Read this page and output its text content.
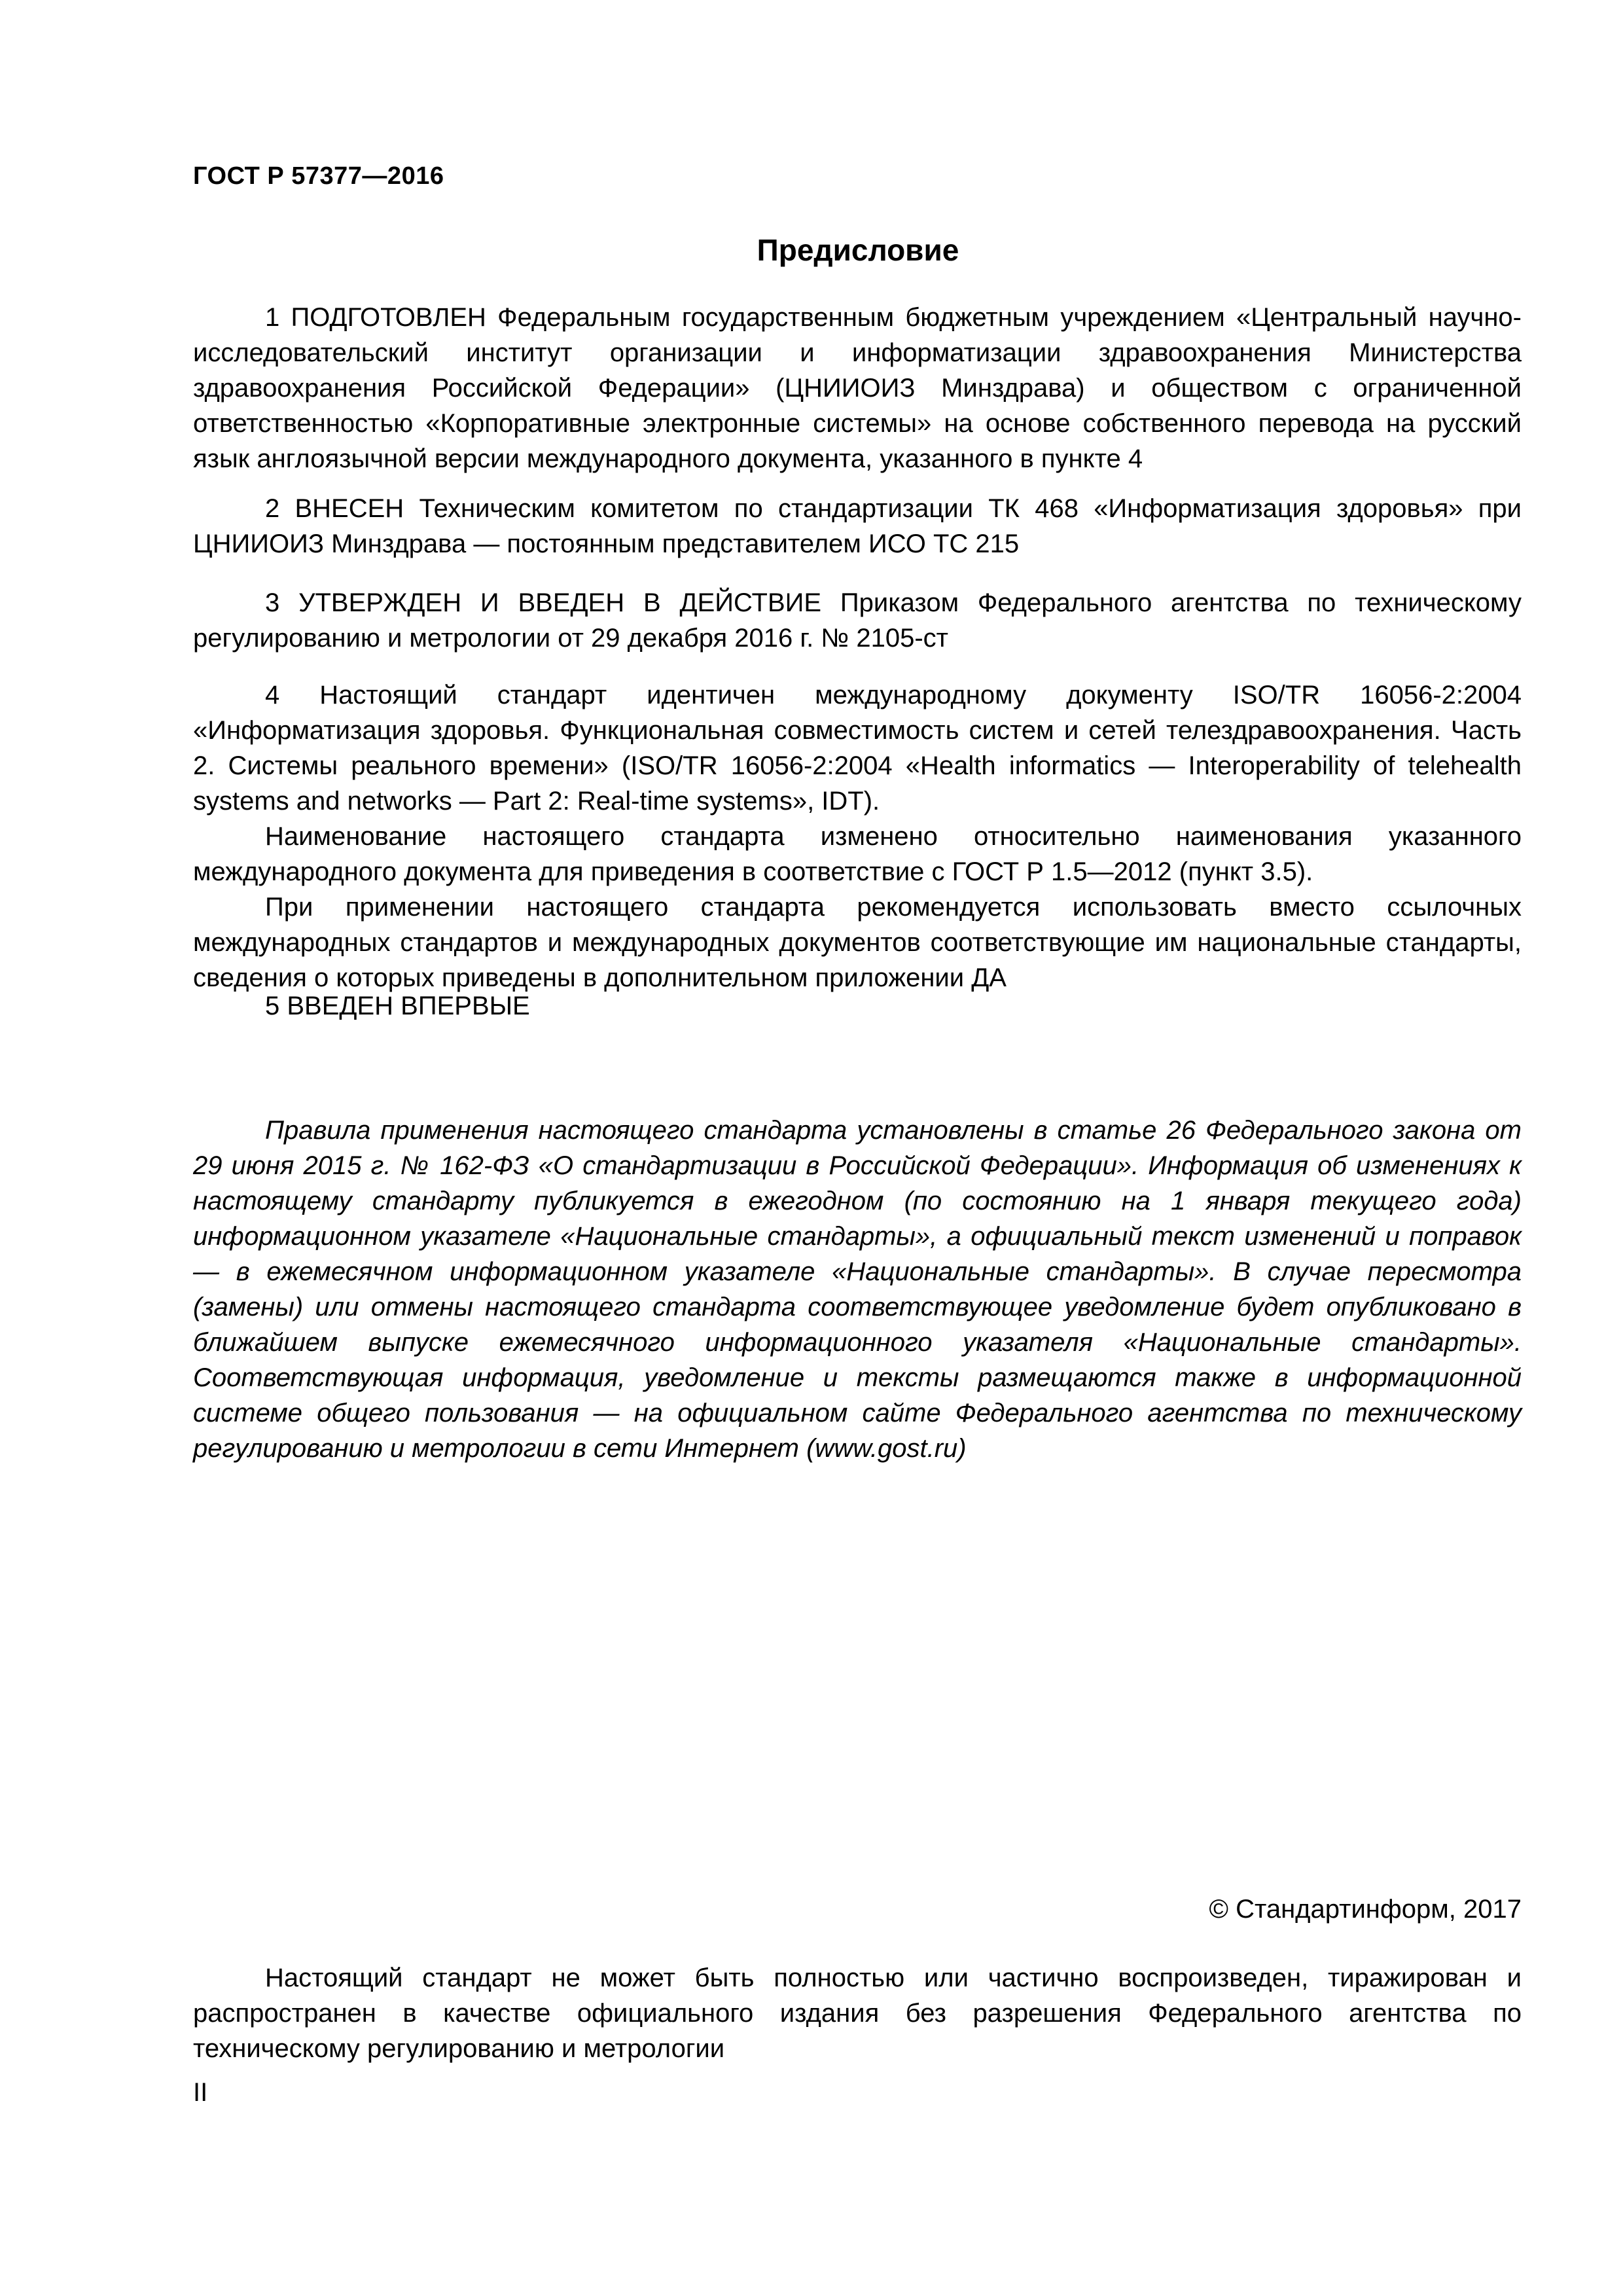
ГОСТ Р 57377—2016
Предисловие

1 ПОДГОТОВЛЕН Федеральным государственным бюджетным учреждением «Центральный научно-исследовательский институт организации и информатизации здравоохранения Министерства здравоохранения Российской Федерации» (ЦНИИОИЗ Минздрава) и обществом с ограниченной ответственностью «Корпоративные электронные системы» на основе собственного перевода на русский язык англоязычной версии международного документа, указанного в пункте 4

2 ВНЕСЕН Техническим комитетом по стандартизации ТК 468 «Информатизация здоровья» при ЦНИИОИЗ Минздрава — постоянным представителем ИСО ТС 215

3 УТВЕРЖДЕН И ВВЕДЕН В ДЕЙСТВИЕ Приказом Федерального агентства по техническому регулированию и метрологии от 29 декабря 2016 г. № 2105-ст

4 Настоящий стандарт идентичен международному документу ISO/TR 16056-2:2004 «Информатизация здоровья. Функциональная совместимость систем и сетей телездравоохранения. Часть 2. Системы реального времени» (ISO/TR 16056-2:2004 «Health informatics — Interoperability of telehealth systems and networks — Part 2: Real-time systems», IDT).

Наименование настоящего стандарта изменено относительно наименования указанного международного документа для приведения в соответствие с ГОСТ Р 1.5—2012 (пункт 3.5).

При применении настоящего стандарта рекомендуется использовать вместо ссылочных международных стандартов и международных документов соответствующие им национальные стандарты, сведения о которых приведены в дополнительном приложении ДА

5 ВВЕДЕН ВПЕРВЫЕ

Правила применения настоящего стандарта установлены в статье 26 Федерального закона от 29 июня 2015 г. № 162-ФЗ «О стандартизации в Российской Федерации». Информация об изменениях к настоящему стандарту публикуется в ежегодном (по состоянию на 1 января текущего года) информационном указателе «Национальные стандарты», а официальный текст изменений и поправок — в ежемесячном информационном указателе «Национальные стандарты». В случае пересмотра (замены) или отмены настоящего стандарта соответствующее уведомление будет опубликовано в ближайшем выпуске ежемесячного информационного указателя «Национальные стандарты». Соответствующая информация, уведомление и тексты размещаются также в информационной системе общего пользования — на официальном сайте Федерального агентства по техническому регулированию и метрологии в сети Интернет (www.gost.ru)

© Стандартинформ, 2017

Настоящий стандарт не может быть полностью или частично воспроизведен, тиражирован и распространен в качестве официального издания без разрешения Федерального агентства по техническому регулированию и метрологии

II
